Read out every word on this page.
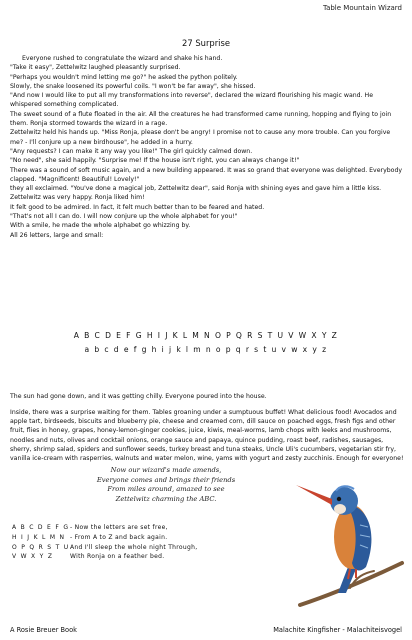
Table Mountain Wizard
27 Surprise

Everyone rushed to congratulate the wizard and shake his hand.

"Take it easy", Zettelwitz laughed pleasantly surprised.

"Perhaps you wouldn't mind letting me go?" he asked the python politely.

Slowly, the snake loosened its powerful coils. "I won't be far away", she hissed.

"And now I would like to put all my transformations into reverse", declared the wizard flourishing his magic wand. He whispered something complicated.

The sweet sound of a flute floated in the air. All the creatures he had transformed came running, hopping and flying to join them. Ronja stormed towards the wizard in a rage.

Zettelwitz held his hands up. "Miss Ronja, please don't be angry! I promise not to cause any more trouble. Can you forgive me? - I'll conjure up a new birdhouse", he added in a hurry.

"Any requests? I can make it any way you like!" The girl quickly calmed down.

"No need", she said happily. "Surprise me! If the house isn't right, you can always change it!"

There was a sound of soft music again, and a new building appeared. It was so grand that everyone was delighted. Everybody clapped. "Magnificent! Beautiful! Lovely!"

they all exclaimed. "You've done a magical job, Zettelwitz dear", said Ronja with shining eyes and gave him a little kiss. Zettelwitz was very happy. Ronja liked him!

It felt good to be admired. In fact, it felt much better than to be feared and hated.

"That's not all I can do. I will now conjure up the whole alphabet for you!"

With a smile, he made the whole alphabet go whizzing by.

All 26 letters, large and small:

A B C D E F G H I J K L M N O P Q R S T U V W X Y Z
a b c d e f g h i j k l m n o p q r s t u v w x y z

The sun had gone down, and it was getting chilly. Everyone poured into the house.

Inside, there was a surprise waiting for them. Tables groaning under a sumptuous buffet! What delicious food! Avocados and apple tart, birdseeds, biscuits and blueberry pie, cheese and creamed corn, dill sauce on poached eggs, fresh figs and other fruit, flies in honey, grapes, honey-lemon-ginger cookies, juice, kiwis, meal-worms, lamb chops with leeks and mushrooms, noodles and nuts, olives and cocktail onions, orange sauce and papaya, quince pudding, roast beef, radishes, sausages, sherry, shrimp salad, spiders and sunflower seeds, turkey breast and tuna steaks, Uncle Uli's cucumbers, vegetarian stir fry, vanilla ice-cream with rasperries, walnuts and water melon, wine, yams with yogurt and zesty zucchinis. Enough for everyone!

Now our wizard's made amends,
Everyone comes and brings their friends
From miles around, amazed to see
Zettelwitz charming the ABC.
A B C D E F G - Now the letters are set free,
H I J K L M N - From A to Z and back again.
O P Q R S T U And I'll sleep the whole night Through,
V W X Y Z	With Ronja on a feather bed.
A Rosie Breuer Book	Malachite Kingfisher - Malachiteisvogel
